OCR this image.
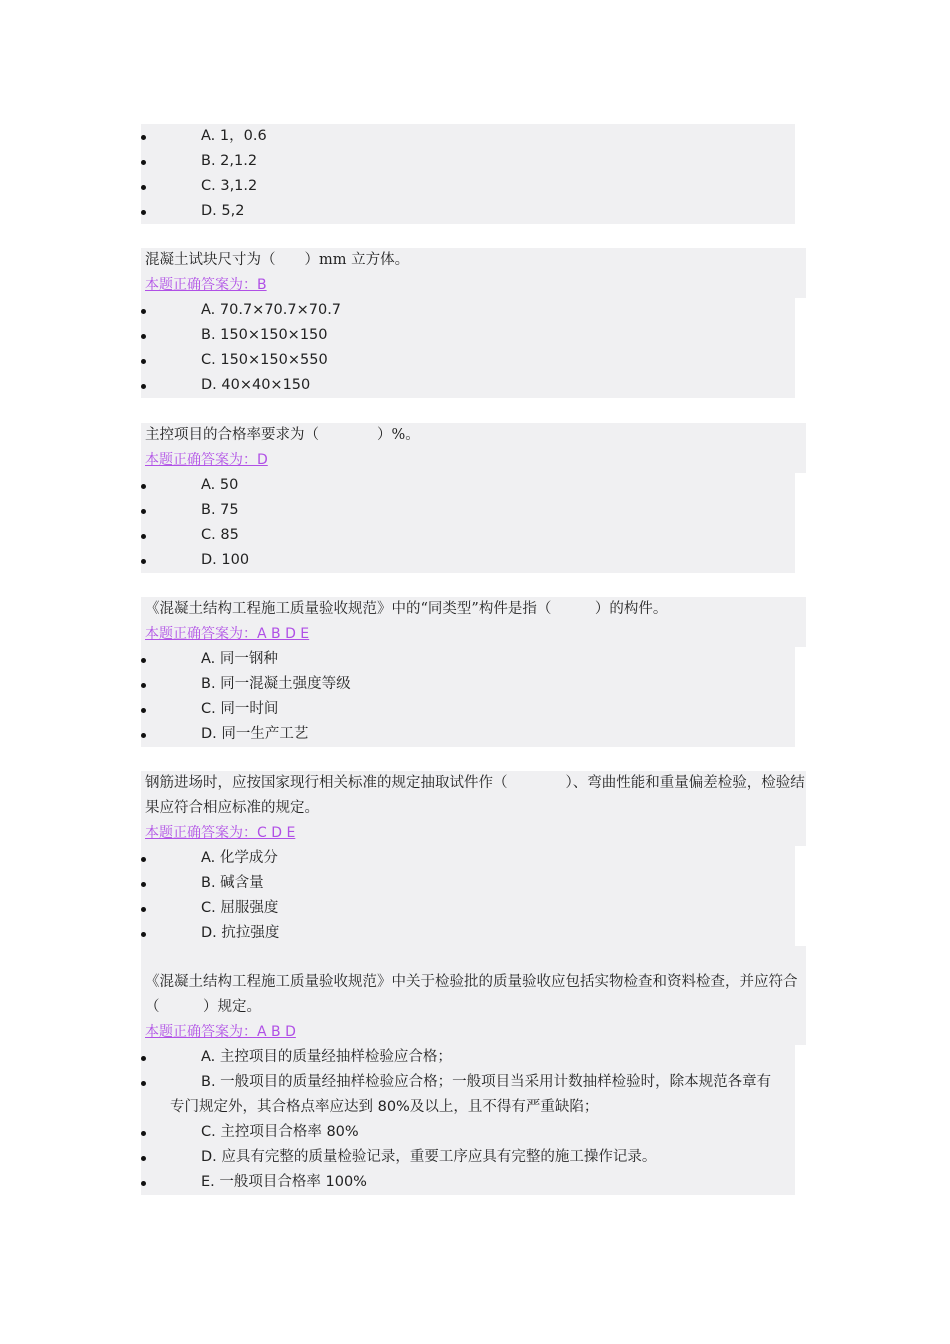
A. 1，0.6
B. 2,1.2
C. 3,1.2
D. 5,2
混凝土试块尺寸为（　　）mm 立方体。
本题正确答案为：B
A. 70.7×70.7×70.7
B. 150×150×150
C. 150×150×550
D. 40×40×150
主控项目的合格率要求为（　　　　）%。
本题正确答案为：D
A. 50
B. 75
C. 85
D. 100
《混凝土结构工程施工质量验收规范》中的“同类型”构件是指（　　　）的构件。
本题正确答案为：A B D E
A. 同一钢种
B. 同一混凝土强度等级
C. 同一时间
D. 同一生产工艺
钢筋进场时，应按国家现行相关标准的规定抽取试件作（　　　　）、弯曲性能和重量偏差检验，检验结果应符合相应标准的规定。
本题正确答案为：C D E
A. 化学成分
B. 碱含量
C. 屈服强度
D. 抗拉强度
《混凝土结构工程施工质量验收规范》中关于检验批的质量验收应包括实物检查和资料检查，并应符合（　　　）规定。
本题正确答案为：A B D
A. 主控项目的质量经抽样检验应合格；
B. 一般项目的质量经抽样检验应合格；一般项目当采用计数抽样检验时，除本规范各章有
专门规定外，其合格点率应达到 80%及以上，且不得有严重缺陷；
C. 主控项目合格率 80%
D. 应具有完整的质量检验记录，重要工序应具有完整的施工操作记录。
E. 一般项目合格率 100%
